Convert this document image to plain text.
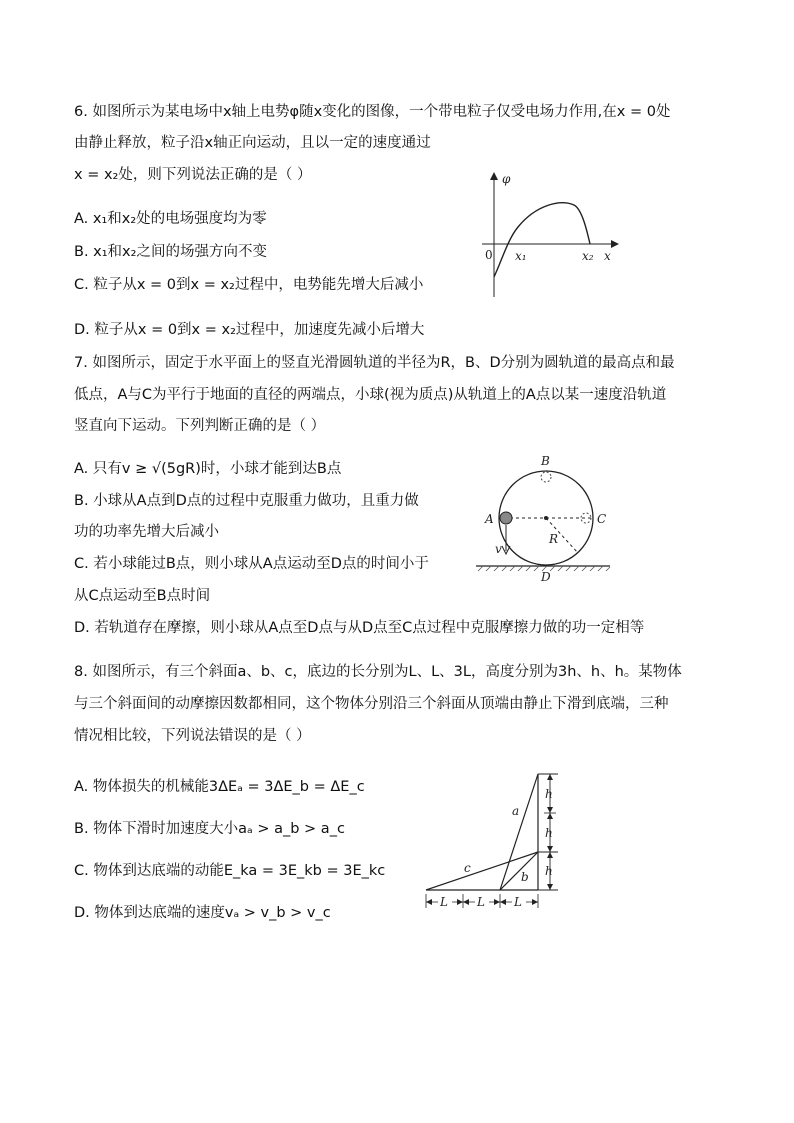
6. 如图所示为某电场中x轴上电势φ随x变化的图像，一个带电粒子仅受电场力作用,在x = 0处
由静止释放，粒子沿x轴正向运动，且以一定的速度通过
x = x₂处，则下列说法正确的是（ ）
A. x₁和x₂处的电场强度均为零
B. x₁和x₂之间的场强方向不变
C. 粒子从x = 0到x = x₂过程中，电势能先增大后减小
D. 粒子从x = 0到x = x₂过程中，加速度先减小后增大
φ
x
0 x₁	x₂
7. 如图所示，固定于水平面上的竖直光滑圆轨道的半径为R，B、D分别为圆轨道的最高点和最
低点，A与C为平行于地面的直径的两端点，小球(视为质点)从轨道上的A点以某一速度沿轨道
竖直向下运动。下列判断正确的是（ ）
A. 只有v ≥ √(5gR)时，小球才能到达B点
B. 小球从A点到D点的过程中克服重力做功，且重力做
功的功率先增大后减小
C. 若小球能过B点，则小球从A点运动至D点的时间小于
从C点运动至B点时间
D. 若轨道存在摩擦，则小球从A点至D点与从D点至C点过程中克服摩擦力做的功一定相等
A
B
C
D
R
v
8. 如图所示，有三个斜面a、b、c，底边的长分别为L、L、3L，高度分别为3h、h、h。某物体
与三个斜面间的动摩擦因数都相同，这个物体分别沿三个斜面从顶端由静止下滑到底端，三种
情况相比较，下列说法错误的是（ ）
A. 物体损失的机械能3ΔEₐ = 3ΔE_b = ΔE_c
B. 物体下滑时加速度大小aₐ > a_b > a_c
C. 物体到达底端的动能E_ka = 3E_kb = 3E_kc
D. 物体到达底端的速度vₐ > v_b > v_c
h
h
h
L L L
a
b
c
